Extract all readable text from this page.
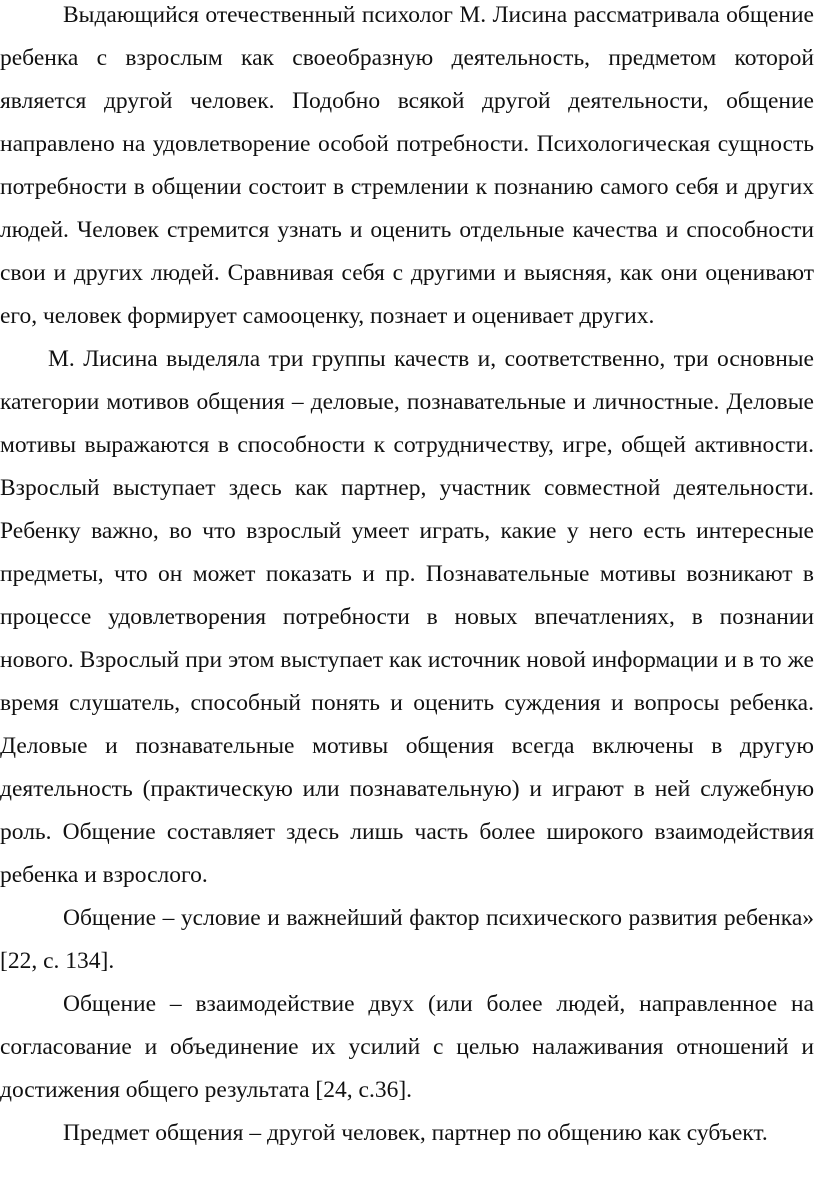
Выдающийся отечественный психолог М. Лисина рассматривала общение ребенка с взрослым как своеобразную деятельность, предметом которой является другой человек. Подобно всякой другой деятельности, общение направлено на удовлетворение особой потребности. Психологическая сущность потребности в общении состоит в стремлении к познанию самого себя и других людей. Человек стремится узнать и оценить отдельные качества и способности свои и других людей. Сравнивая себя с другими и выясняя, как они оценивают его, человек формирует самооценку, познает и оценивает других.

М. Лисина выделяла три группы качеств и, соответственно, три основные категории мотивов общения – деловые, познавательные и личностные. Деловые мотивы выражаются в способности к сотрудничеству, игре, общей активности. Взрослый выступает здесь как партнер, участник совместной деятельности. Ребенку важно, во что взрослый умеет играть, какие у него есть интересные предметы, что он может показать и пр. Познавательные мотивы возникают в процессе удовлетворения потребности в новых впечатлениях, в познании нового. Взрослый при этом выступает как источник новой информации и в то же время слушатель, способный понять и оценить суждения и вопросы ребенка. Деловые и познавательные мотивы общения всегда включены в другую деятельность (практическую или познавательную) и играют в ней служебную роль. Общение составляет здесь лишь часть более широкого взаимодействия ребенка и взрослого.

Общение – условие и важнейший фактор психического развития ребенка» [22, с. 134].

Общение – взаимодействие двух (или более людей, направленное на согласование и объединение их усилий с целью налаживания отношений и достижения общего результата [24, с.36].

Предмет общения – другой человек, партнер по общению как субъект.
